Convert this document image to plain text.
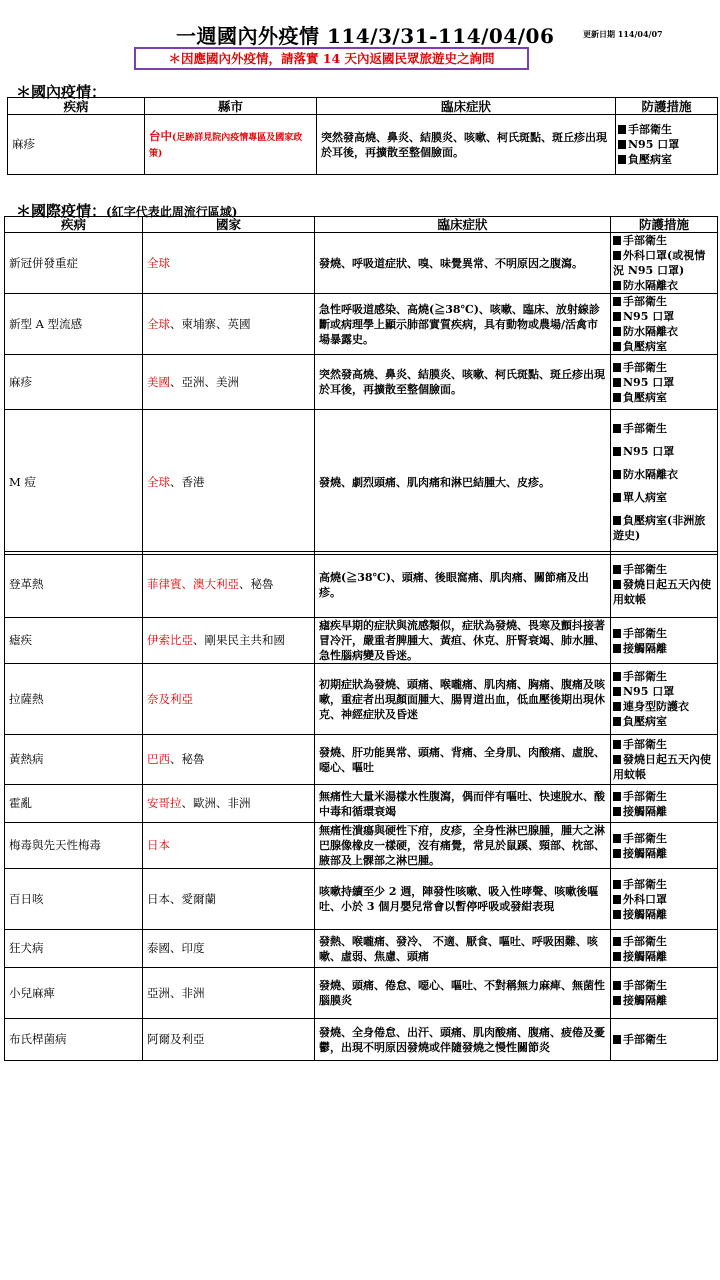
一週國內外疫情 114/3/31-114/04/06	更新日期 114/04/07
＊因應國內外疫情，請落實 14 天內返國民眾旅遊史之詢問
＊國內疫情：
疾病	縣市	臨床症狀	防護措施
麻疹	台中(足跡詳見院內疫情專區及國家政策)	突然發高燒、鼻炎、結膜炎、咳嗽、柯氏斑點、斑丘疹出現於耳後，再擴散至整個臉面。	手部衛生
N95 口罩
負壓病室
＊國際疫情：(紅字代表此周流行區域)
疾病	國家	臨床症狀	防護措施
新冠併發重症	全球	發燒、呼吸道症狀、嗅、味覺異常、不明原因之腹瀉。	手部衛生
外科口罩(或視情況 N95 口罩)
防水隔離衣

新型 A 型流感	全球、柬埔寨、英國	急性呼吸道感染、高燒(≧38℃)、咳嗽、臨床、放射線診斷或病理學上顯示肺部實質疾病，具有動物或農場/活禽市場暴露史。	手部衛生
N95 口罩
防水隔離衣
負壓病室

麻疹	美國、亞洲、美洲	突然發高燒、鼻炎、結膜炎、咳嗽、柯氏斑點、斑丘疹出現於耳後，再擴散至整個臉面。	手部衛生
N95 口罩
負壓病室

M 痘	全球、香港	發燒、劇烈頭痛、肌肉痛和淋巴結腫大、皮疹。	手部衛生
N95 口罩
防水隔離衣
單人病室
負壓病室(非洲旅遊史)
登革熱	菲律賓、澳大利亞、秘魯	高燒(≧38℃)、頭痛、後眼窩痛、肌肉痛、關節痛及出疹。	手部衛生
發燒日起五天內使用蚊帳

瘧疾	伊索比亞、剛果民主共和國	瘧疾早期的症狀與流感類似，症狀為發燒、畏寒及顫抖接著冒冷汗，嚴重者脾腫大、黃疸、休克、肝腎衰竭、肺水腫、急性腦病變及昏迷。	手部衛生
接觸隔離

拉薩熱	奈及利亞	初期症狀為發燒、頭痛、喉嚨痛、肌肉痛、胸痛、腹痛及咳嗽，重症者出現顏面腫大、腸胃道出血，低血壓後期出現休克、神經症狀及昏迷	手部衛生
N95 口罩
連身型防護衣
負壓病室

黃熱病	巴西、秘魯	發燒、肝功能異常、頭痛、背痛、全身肌、肉酸痛、虛脫、噁心、嘔吐	手部衛生
發燒日起五天內使用蚊帳

霍亂	安哥拉、歐洲、非洲	無痛性大量米湯樣水性腹瀉，偶而伴有嘔吐、快速脫水、酸中毒和循環衰竭	手部衛生
接觸隔離

梅毒與先天性梅毒	日本	無痛性潰瘍與硬性下疳，皮疹，全身性淋巴腺腫，腫大之淋巴腺像橡皮一樣硬，沒有痛覺，常見於鼠蹊、頸部、枕部、腋部及上髁部之淋巴腫。	手部衛生
接觸隔離

百日咳	日本、愛爾蘭	咳嗽持續至少 2 週，陣發性咳嗽、吸入性哮聲、咳嗽後嘔吐、小於 3 個月嬰兒常會以暫停呼吸或發紺表現	手部衛生
外科口罩
接觸隔離

狂犬病	泰國、印度	發熱、喉嚨痛、發冷、 不適、厭食、嘔吐、呼吸困難、咳嗽、虛弱、焦慮、頭痛	手部衛生
接觸隔離

小兒麻痺	亞洲、非洲	發燒、頭痛、倦怠、噁心、嘔吐、不對稱無力麻痺、無菌性腦膜炎	手部衛生
接觸隔離

布氏桿菌病	阿爾及利亞	發燒、全身倦怠、出汗、頭痛、肌肉酸痛、腹痛、疲倦及憂鬱，出現不明原因發燒或伴隨發燒之慢性關節炎	手部衛生
